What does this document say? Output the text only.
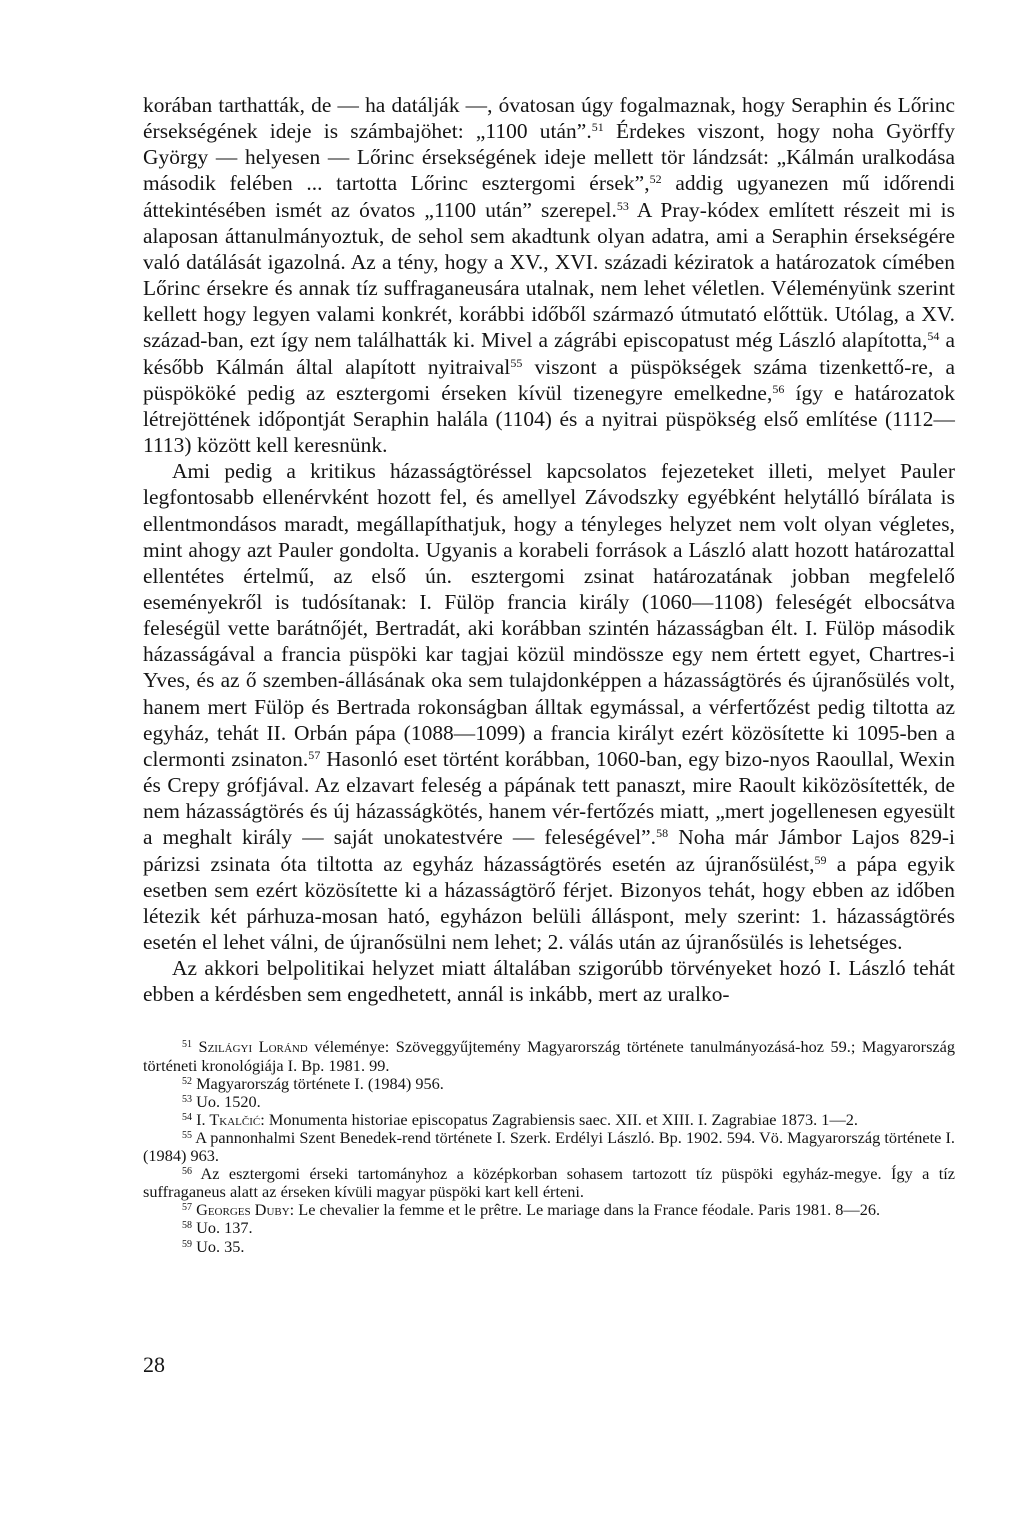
korában tarthatták, de — ha datálják —, óvatosan úgy fogalmaznak, hogy Seraphin és Lőrinc érsekségének ideje is számbajöhet: „1100 után”.$^{51}$ Érdekes viszont, hogy noha Györffy György — helyesen — Lőrinc érsekségének ideje mellett tör lándzsát: „Kálmán uralkodása második felében ... tartotta Lőrinc esztergomi érsek”,$^{52}$ addig ugyanezen mű időrendi áttekintésében ismét az óvatos „1100 után” szerepel.$^{53}$ A Pray-kódex említett részeit mi is alaposan áttanulmányoztuk, de sehol sem akadtunk olyan adatra, ami a Seraphin érsekségére való datálását igazolná. Az a tény, hogy a XV., XVI. századi kéziratok a határozatok címében Lőrinc érsekre és annak tíz suffraganeusára utalnak, nem lehet véletlen. Véleményünk szerint kellett hogy legyen valami konkrét, korábbi időből származó útmutató előttük. Utólag, a XV. század-ban, ezt így nem találhatták ki. Mivel a zágrábi episcopatust még László alapította,$^{54}$ a később Kálmán által alapított nyitraival$^{55}$ viszont a püspökségek száma tizenkettő-re, a püspököké pedig az esztergomi érseken kívül tizenegyre emelkedne,$^{56}$ így e határozatok létrejöttének időpontját Seraphin halála (1104) és a nyitrai püspökség első említése (1112—1113) között kell keresnünk.

Ami pedig a kritikus házasságtöréssel kapcsolatos fejezeteket illeti, melyet Pauler legfontosabb ellenérvként hozott fel, és amellyel Závodszky egyébként helytálló bírálata is ellentmondásos maradt, megállapíthatjuk, hogy a tényleges helyzet nem volt olyan végletes, mint ahogy azt Pauler gondolta. Ugyanis a korabeli források a László alatt hozott határozattal ellentétes értelmű, az első ún. esztergomi zsinat határozatának jobban megfelelő eseményekről is tudósítanak: I. Fülöp francia király (1060—1108) feleségét elbocsátva feleségül vette barátnőjét, Bertradát, aki korábban szintén házasságban élt. I. Fülöp második házasságával a francia püspöki kar tagjai közül mindössze egy nem értett egyet, Chartres-i Yves, és az ő szemben-állásának oka sem tulajdonképpen a házasságtörés és újranősülés volt, hanem mert Fülöp és Bertrada rokonságban álltak egymással, a vérfertőzést pedig tiltotta az egyház, tehát II. Orbán pápa (1088—1099) a francia királyt ezért közösítette ki 1095-ben a clermonti zsinaton.$^{57}$ Hasonló eset történt korábban, 1060-ban, egy bizo-nyos Raoullal, Wexin és Crepy grófjával. Az elzavart feleség a pápának tett panaszt, mire Raoult kiközösítették, de nem házasságtörés és új házasságkötés, hanem vér-fertőzés miatt, „mert jogellenesen egyesült a meghalt király — saját unokatestvére — feleségével”.$^{58}$ Noha már Jámbor Lajos 829-i párizsi zsinata óta tiltotta az egyház házasságtörés esetén az újranősülést,$^{59}$ a pápa egyik esetben sem ezért közösítette ki a házasságtörő férjet. Bizonyos tehát, hogy ebben az időben létezik két párhuza-mosan ható, egyházon belüli álláspont, mely szerint: 1. házasságtörés esetén el lehet válni, de újranősülni nem lehet; 2. válás után az újranősülés is lehetséges.

Az akkori belpolitikai helyzet miatt általában szigorúbb törvényeket hozó I. László tehát ebben a kérdésben sem engedhetett, annál is inkább, mert az uralko-

$^{51}$ Szilágyi Loránd véleménye: Szöveggyűjtemény Magyarország története tanulmányozásá-hoz 59.; Magyarország történeti kronológiája I. Bp. 1981. 99.

$^{52}$ Magyarország története I. (1984) 956.

$^{53}$ Uo. 1520.

$^{54}$ I. Tkalčić: Monumenta historiae episcopatus Zagrabiensis saec. XII. et XIII. I. Zagrabiae 1873. 1—2.

$^{55}$ A pannonhalmi Szent Benedek-rend története I. Szerk. Erdélyi László. Bp. 1902. 594. Vö. Magyarország története I. (1984) 963.

$^{56}$ Az esztergomi érseki tartományhoz a középkorban sohasem tartozott tíz püspöki egyház-megye. Így a tíz suffraganeus alatt az érseken kívüli magyar püspöki kart kell érteni.

$^{57}$ Georges Duby: Le chevalier la femme et le prêtre. Le mariage dans la France féodale. Paris 1981. 8—26.

$^{58}$ Uo. 137.

$^{59}$ Uo. 35.

28
